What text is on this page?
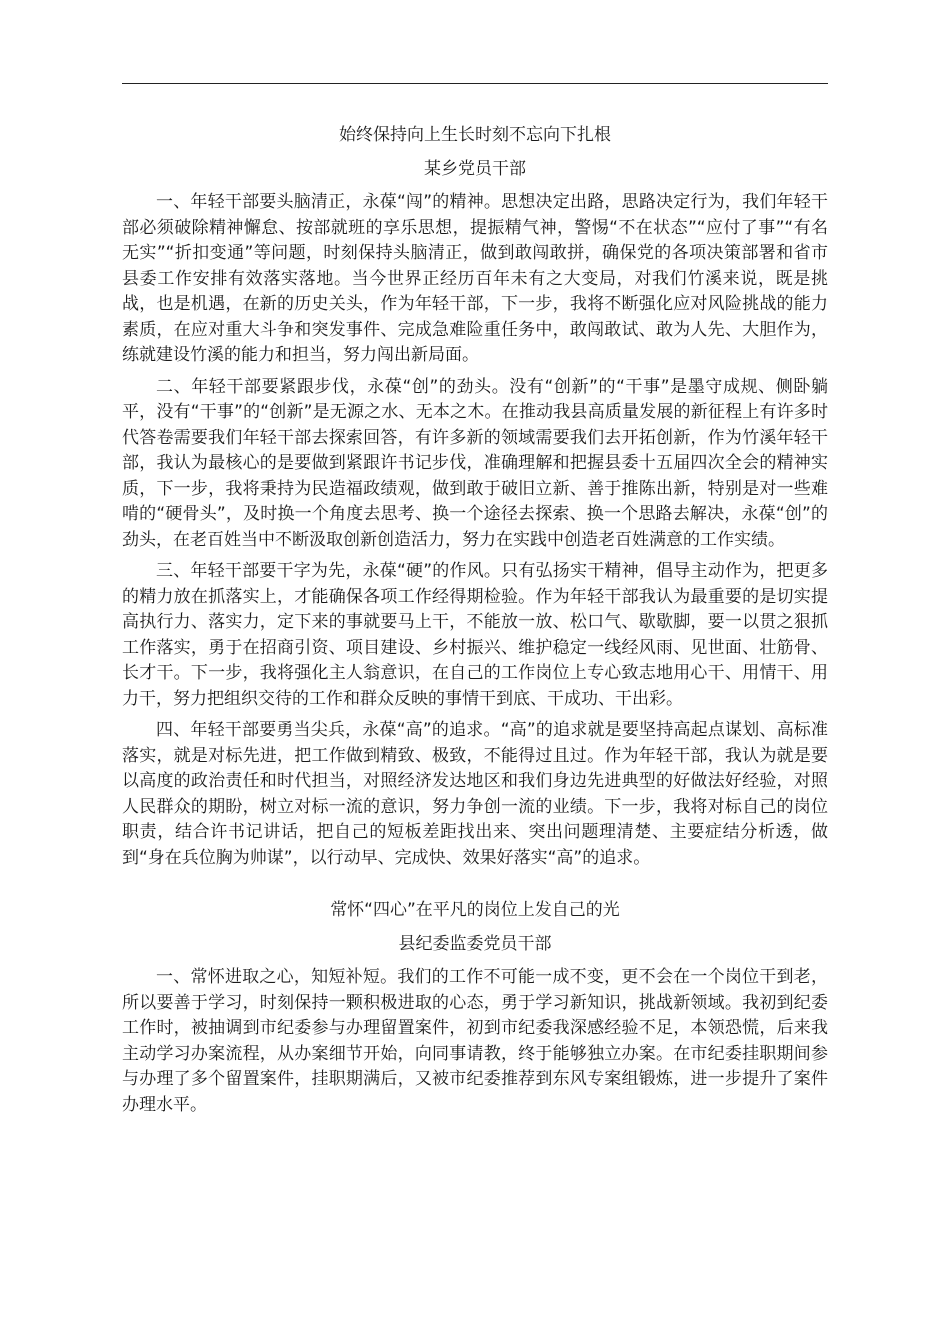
始终保持向上生长时刻不忘向下扎根
某乡党员干部

一、年轻干部要头脑清正，永葆“闯”的精神。思想决定出路，思路决定行为，我们年轻干部必须破除精神懈怠、按部就班的享乐思想，提振精气神，警惕“不在状态”“应付了事”“有名无实”“折扣变通”等问题，时刻保持头脑清正，做到敢闯敢拼，确保党的各项决策部署和省市县委工作安排有效落实落地。当今世界正经历百年未有之大变局，对我们竹溪来说，既是挑战，也是机遇，在新的历史关头，作为年轻干部，下一步，我将不断强化应对风险挑战的能力素质，在应对重大斗争和突发事件、完成急难险重任务中，敢闯敢试、敢为人先、大胆作为，练就建设竹溪的能力和担当，努力闯出新局面。

二、年轻干部要紧跟步伐，永葆“创”的劲头。没有“创新”的“干事”是墨守成规、侧卧躺平，没有“干事”的“创新”是无源之水、无本之木。在推动我县高质量发展的新征程上有许多时代答卷需要我们年轻干部去探索回答，有许多新的领域需要我们去开拓创新，作为竹溪年轻干部，我认为最核心的是要做到紧跟许书记步伐，准确理解和把握县委十五届四次全会的精神实质，下一步，我将秉持为民造福政绩观，做到敢于破旧立新、善于推陈出新，特别是对一些难啃的“硬骨头”，及时换一个角度去思考、换一个途径去探索、换一个思路去解决，永葆“创”的劲头，在老百姓当中不断汲取创新创造活力，努力在实践中创造老百姓满意的工作实绩。

三、年轻干部要干字为先，永葆“硬”的作风。只有弘扬实干精神，倡导主动作为，把更多的精力放在抓落实上，才能确保各项工作经得期检验。作为年轻干部我认为最重要的是切实提高执行力、落实力，定下来的事就要马上干，不能放一放、松口气、歇歇脚，要一以贯之狠抓工作落实，勇于在招商引资、项目建设、乡村振兴、维护稳定一线经风雨、见世面、壮筋骨、长才干。下一步，我将强化主人翁意识，在自己的工作岗位上专心致志地用心干、用情干、用力干，努力把组织交待的工作和群众反映的事情干到底、干成功、干出彩。

四、年轻干部要勇当尖兵，永葆“高”的追求。“高”的追求就是要坚持高起点谋划、高标准落实，就是对标先进，把工作做到精致、极致，不能得过且过。作为年轻干部，我认为就是要以高度的政治责任和时代担当，对照经济发达地区和我们身边先进典型的好做法好经验，对照人民群众的期盼，树立对标一流的意识，努力争创一流的业绩。下一步，我将对标自己的岗位职责，结合许书记讲话，把自己的短板差距找出来、突出问题理清楚、主要症结分析透，做到“身在兵位胸为帅谋”，以行动早、完成快、效果好落实“高”的追求。

常怀“四心”在平凡的岗位上发自己的光
县纪委监委党员干部

一、常怀进取之心，知短补短。我们的工作不可能一成不变，更不会在一个岗位干到老，所以要善于学习，时刻保持一颗积极进取的心态，勇于学习新知识，挑战新领域。我初到纪委工作时，被抽调到市纪委参与办理留置案件，初到市纪委我深感经验不足，本领恐慌，后来我主动学习办案流程，从办案细节开始，向同事请教，终于能够独立办案。在市纪委挂职期间参与办理了多个留置案件，挂职期满后，又被市纪委推荐到东风专案组锻炼，进一步提升了案件办理水平。
